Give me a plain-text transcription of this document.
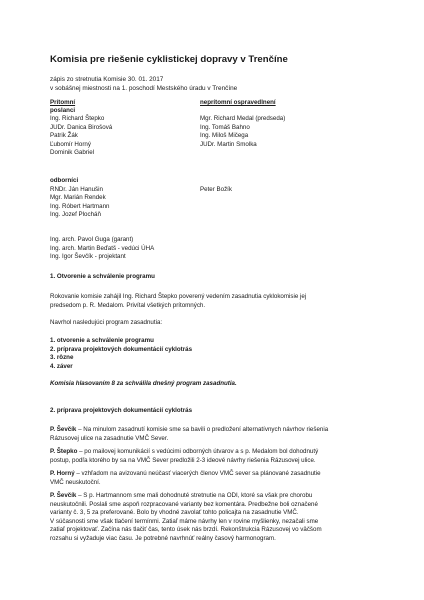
Komisia pre riešenie cyklistickej dopravy v Trenčíne
zápis zo stretnutia Komisie 30. 01. 2017
v sobášnej miestnosti na 1. poschodí Mestského úradu v Trenčíne
Prítomní	neprítomní ospravedlnení
poslanci
Ing. Richard Štepko
JUDr. Danica Birošová
Patrik Žák
Ľubomír Horný
Dominik Gabriel
Mgr. Richard Medal (predseda)
Ing. Tomáš Bahno
Ing. Miloš Mičega
JUDr. Martin Smolka
odborníci
RNDr. Ján Hanušin
Mgr. Marián Rendek
Ing. Róbert Hartmann
Ing. Jozef Plocháň
Peter Božík
Ing. arch. Pavol Guga (garant)
Ing. arch. Martin Beďatš - vedúci ÚHA
Ing. Igor Ševčík - projektant
1. Otvorenie a schválenie programu
Rokovanie komisie zahájil Ing. Richard Štepko poverený vedením zasadnutia cyklokomisie jej
predsedom p. R. Medalom. Privítal všetkých prítomných.
Navrhol nasledujúci program zasadnutia:
1. otvorenie a schválenie programu
2. príprava projektových dokumentácií cyklotrás
3. rôzne
4. záver
Komisia hlasovaním 8 za schválila dnešný program zasadnutia.
2. príprava projektových dokumentácií cyklotrás
P. Ševčík – Na minulom zasadnutí komisie sme sa bavili o predložení alternatívnych návrhov riešenia
Rázusovej ulice na zasadnutie VMČ Sever.
P. Štepko – po mailovej komunikácií s vedúcimi odborných útvarov a s p. Medalom bol dohodnutý
postup, podľa ktorého by sa na VMČ Sever predložili 2-3 ideové návrhy riešenia Rázusovej ulice.
P. Horný – vzhľadom na avizovanú neúčasť viacerých členov VMČ sever sa plánované zasadnutie
VMČ neuskutoční.
P. Ševčík – S p. Hartmannom sme mali dohodnuté stretnutie na ODI, ktoré sa však pre chorobu
neuskutočnili. Poslali sme aspoň rozpracované varianty bez komentára. Predbežne boli označené
varianty č. 3, 5 za preferované. Bolo by vhodné zavolať tohto policajta na zasadnutie VMČ.
V súčasnosti sme však tlačení termínmi. Zatiaľ máme návrhy len v rovine myšlienky, nezačali sme
zatiaľ projektovať. Začína nás tlačiť čas, tento úsek nás brzdí. Rekonštrukcia Rázusovej vo väčšom
rozsahu si vyžaduje viac času. Je potrebné navrhnúť reálny časový harmonogram.
